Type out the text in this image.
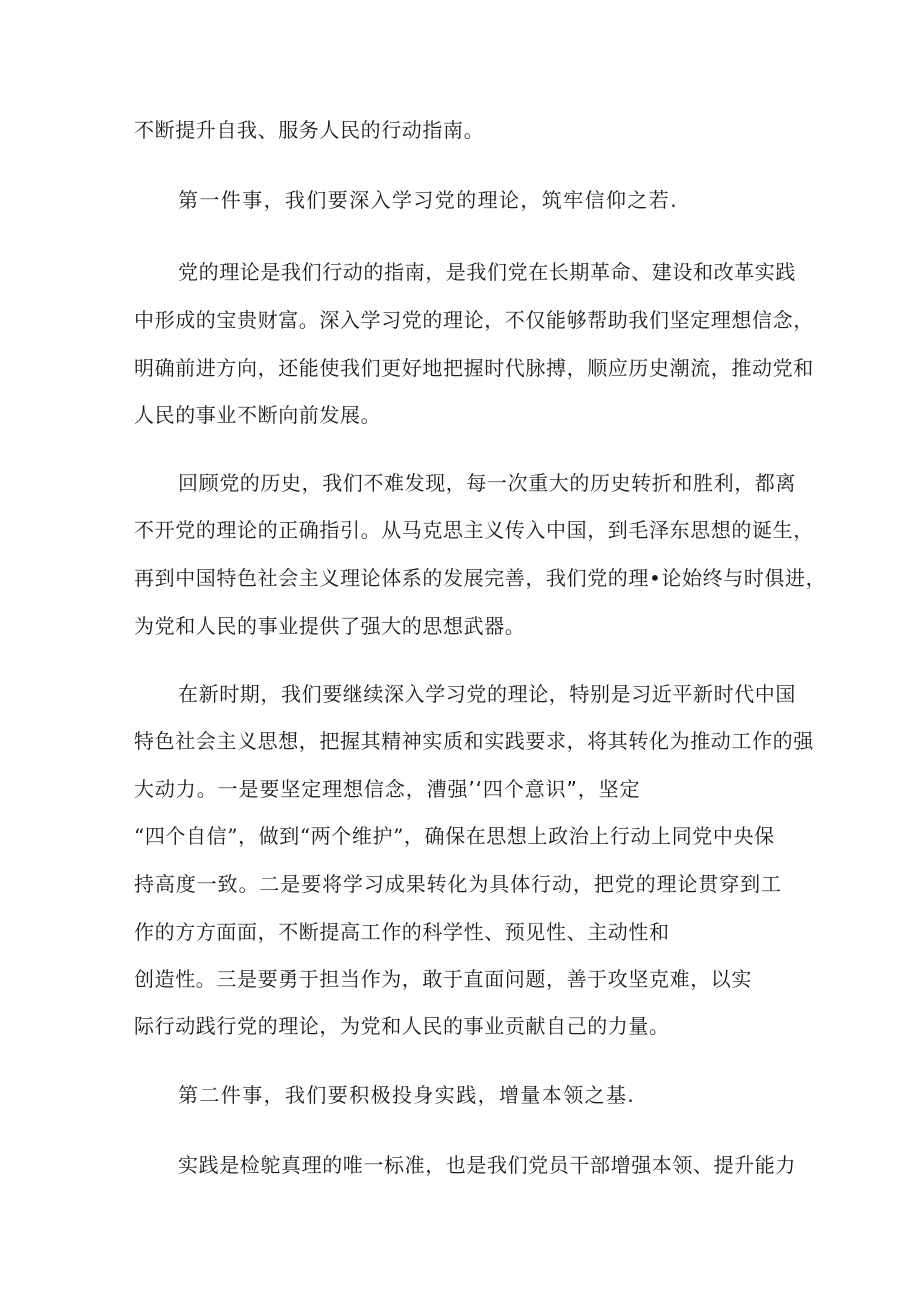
不断提升自我、服务人民的行动指南。
第一件事，我们要深入学习党的理论，筑牢信仰之若.
党的理论是我们行动的指南，是我们党在长期革命、建设和改革实践
中形成的宝贵财富。深入学习党的理论，不仅能够帮助我们坚定理想信念，
明确前进方向，还能使我们更好地把握时代脉搏，顺应历史潮流，推动党和
人民的事业不断向前发展。
回顾党的历史，我们不难发现，每一次重大的历史转折和胜利，都离
不开党的理论的正确指引。从马克思主义传入中国，到毛泽东思想的诞生，
再到中国特色社会主义理论体系的发展完善，我们党的理•论始终与时俱进，
为党和人民的事业提供了强大的思想武器。
在新时期，我们要继续深入学习党的理论，特别是习近平新时代中国
特色社会主义思想，把握其精神实质和实践要求，将其转化为推动工作的强
大动力。一是要坚定理想信念，漕强’‘四个意识”，坚定
“四个自信”，做到“两个维护”，确保在思想上政治上行动上同党中央保
持高度一致。二是要将学习成果转化为具体行动，把党的理论贯穿到工
作的方方面面，不断提高工作的科学性、预见性、主动性和
创造性。三是要勇于担当作为，敢于直面问题，善于攻坚克难，以实
际行动践行党的理论，为党和人民的事业贡献自己的力量。
第二件事，我们要积极投身实践，增量本领之基.
实践是检鸵真理的唯一标准，也是我们党员干部增强本领、提升能力
